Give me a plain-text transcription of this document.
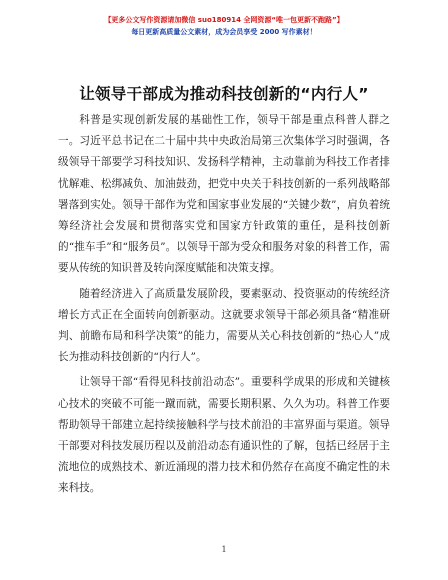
【更多公文写作资源请加微信 suo180914 全网资源“唯一包更新不跑路”】
每日更新高质量公文素材，成为会员享受 2000 写作素材！
让领导干部成为推动科技创新的“内行人”

科普是实现创新发展的基础性工作，领导干部是重点科普人群之一。习近平总书记在二十届中共中央政治局第三次集体学习时强调，各级领导干部要学习科技知识、发扬科学精神，主动靠前为科技工作者排忧解难、松绑减负、加油鼓劲，把党中央关于科技创新的一系列战略部署落到实处。领导干部作为党和国家事业发展的“关键少数”，肩负着统筹经济社会发展和贯彻落实党和国家方针政策的重任，是科技创新的“推车手”和“服务员”。以领导干部为受众和服务对象的科普工作，需要从传统的知识普及转向深度赋能和决策支撑。

随着经济进入了高质量发展阶段，要素驱动、投资驱动的传统经济增长方式正在全面转向创新驱动。这就要求领导干部必须具备“精准研判、前瞻布局和科学决策”的能力，需要从关心科技创新的“热心人”成长为推动科技创新的“内行人”。

让领导干部“看得见科技前沿动态”。重要科学成果的形成和关键核心技术的突破不可能一蹴而就，需要长期积累、久久为功。科普工作要帮助领导干部建立起持续接触科学与技术前沿的丰富界面与渠道。领导干部要对科技发展历程以及前沿动态有通识性的了解，包括已经居于主流地位的成熟技术、新近涌现的潜力技术和仍然存在高度不确定性的未来科技。

1
